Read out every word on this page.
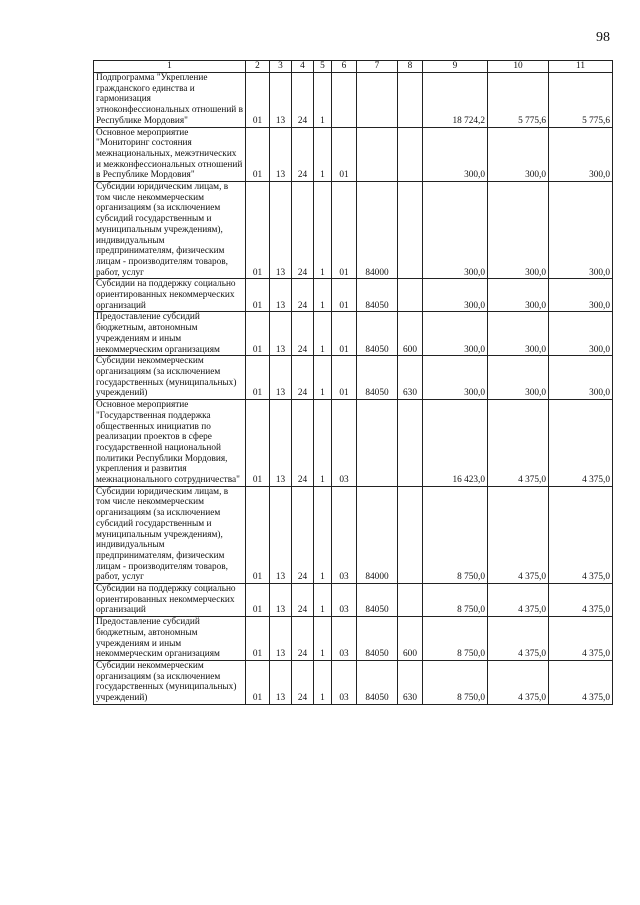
98
1	2	3	4	5	6	7	8	9	10	11
Подпрограмма "Укрепление гражданского единства и гармонизация этноконфессиональных отношений в Республике Мордовия"	01	13	24	1				18 724,2	5 775,6	5 775,6
Основное мероприятие "Мониторинг состояния межнациональных, межэтнических и межконфессиональных отношений в Республике Мордовия"	01	13	24	1	01			300,0	300,0	300,0
Субсидии юридическим лицам, в том числе некоммерческим организациям (за исключением субсидий государственным и муниципальным учреждениям), индивидуальным предпринимателям, физическим лицам - производителям товаров, работ, услуг	01	13	24	1	01	84000		300,0	300,0	300,0
Субсидии на поддержку социально ориентированных некоммерческих организаций	01	13	24	1	01	84050		300,0	300,0	300,0
Предоставление субсидий бюджетным, автономным учреждениям и иным некоммерческим организациям	01	13	24	1	01	84050	600	300,0	300,0	300,0
Субсидии некоммерческим организациям (за исключением государственных (муниципальных) учреждений)	01	13	24	1	01	84050	630	300,0	300,0	300,0
Основное мероприятие "Государственная поддержка общественных инициатив по реализации проектов в сфере государственной национальной политики Республики Мордовия, укрепления и развития межнационального сотрудничества"	01	13	24	1	03			16 423,0	4 375,0	4 375,0
Субсидии юридическим лицам, в том числе некоммерческим организациям (за исключением субсидий государственным и муниципальным учреждениям), индивидуальным предпринимателям, физическим лицам - производителям товаров, работ, услуг	01	13	24	1	03	84000		8 750,0	4 375,0	4 375,0
Субсидии на поддержку социально ориентированных некоммерческих организаций	01	13	24	1	03	84050		8 750,0	4 375,0	4 375,0
Предоставление субсидий бюджетным, автономным учреждениям и иным некоммерческим организациям	01	13	24	1	03	84050	600	8 750,0	4 375,0	4 375,0
Субсидии некоммерческим организациям (за исключением государственных (муниципальных) учреждений)	01	13	24	1	03	84050	630	8 750,0	4 375,0	4 375,0
